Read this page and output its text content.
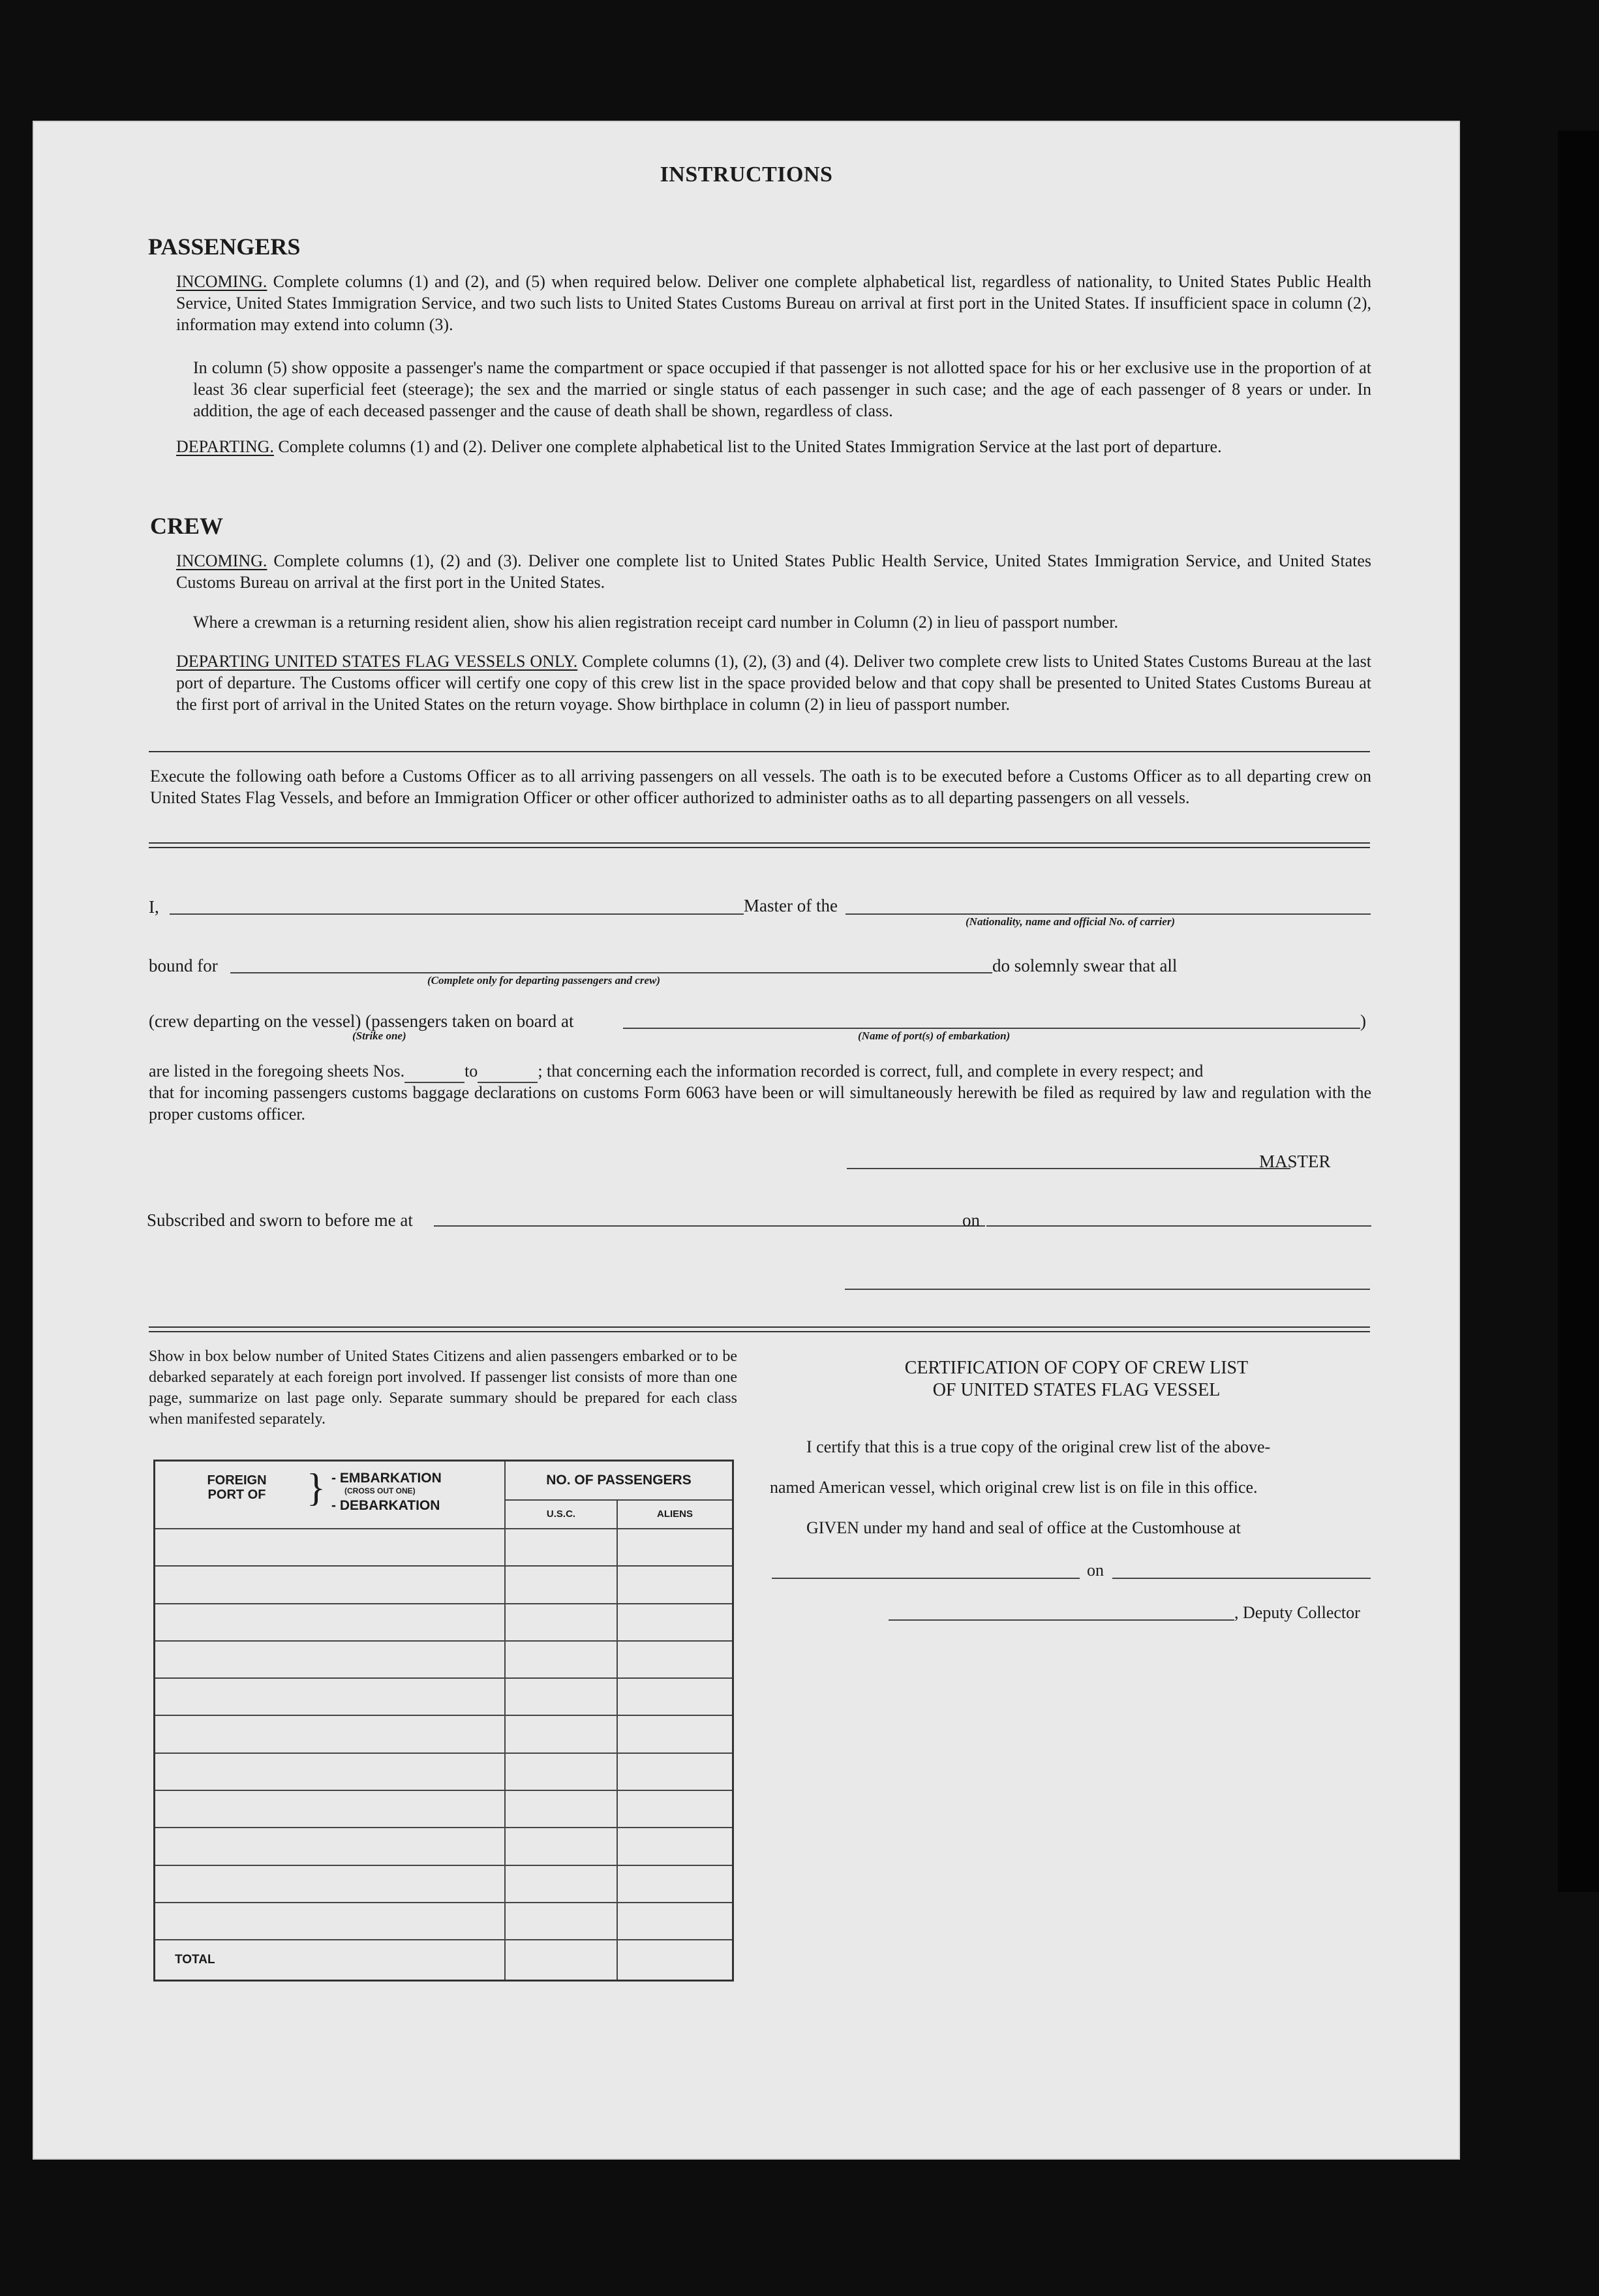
INSTRUCTIONS
PASSENGERS
INCOMING. Complete columns (1) and (2), and (5) when required below. Deliver one complete alphabetical list, regardless of nationality, to United States Public Health Service, United States Immigration Service, and two such lists to United States Customs Bureau on arrival at first port in the United States. If insufficient space in column (2), information may extend into column (3).
In column (5) show opposite a passenger's name the compartment or space occupied if that passenger is not allotted space for his or her exclusive use in the proportion of at least 36 clear superficial feet (steerage); the sex and the married or single status of each passenger in such case; and the age of each passenger of 8 years or under. In addition, the age of each deceased passenger and the cause of death shall be shown, regardless of class.
DEPARTING. Complete columns (1) and (2). Deliver one complete alphabetical list to the United States Immigration Service at the last port of departure.
CREW
INCOMING. Complete columns (1), (2) and (3). Deliver one complete list to United States Public Health Service, United States Immigration Service, and United States Customs Bureau on arrival at the first port in the United States.
Where a crewman is a returning resident alien, show his alien registration receipt card number in Column (2) in lieu of passport number.
DEPARTING UNITED STATES FLAG VESSELS ONLY. Complete columns (1), (2), (3) and (4). Deliver two complete crew lists to United States Customs Bureau at the last port of departure. The Customs officer will certify one copy of this crew list in the space provided below and that copy shall be presented to United States Customs Bureau at the first port of arrival in the United States on the return voyage. Show birthplace in column (2) in lieu of passport number.
Execute the following oath before a Customs Officer as to all arriving passengers on all vessels. The oath is to be executed before a Customs Officer as to all departing crew on United States Flag Vessels, and before an Immigration Officer or other officer authorized to administer oaths as to all departing passengers on all vessels.
I,	Master of the
(Nationality, name and official No. of carrier)
bound for
(Complete only for departing passengers and crew)
do solemnly swear that all
(crew departing on the vessel) (passengers taken on board at	)
(Strike one)	(Name of port(s) of embarkation)
are listed in the foregoing sheets Nos.	to	; that concerning each the information recorded is correct, full, and complete in every respect; and
that for incoming passengers customs baggage declarations on customs Form 6063 have been or will simultaneously herewith be filed as required by law and regulation with the proper customs officer.
MASTER
Subscribed and sworn to before me at	on
Show in box below number of United States Citizens and alien passengers embarked or to be debarked separately at each foreign port involved. If passenger list consists of more than one page, summarize on last page only. Separate summary should be prepared for each class when manifested separately.
FOREIGN PORT OF } - EMBARKATION
(CROSS OUT ONE)
- DEBARKATION	NO. OF PASSENGERS	
	U.S.C.	ALIENS

TOTAL		
CERTIFICATION OF COPY OF CREW LIST
OF UNITED STATES FLAG VESSEL
I certify that this is a true copy of the original crew list of the above-
named American vessel, which original crew list is on file in this office.
GIVEN under my hand and seal of office at the Customhouse at
on
, Deputy Collector
